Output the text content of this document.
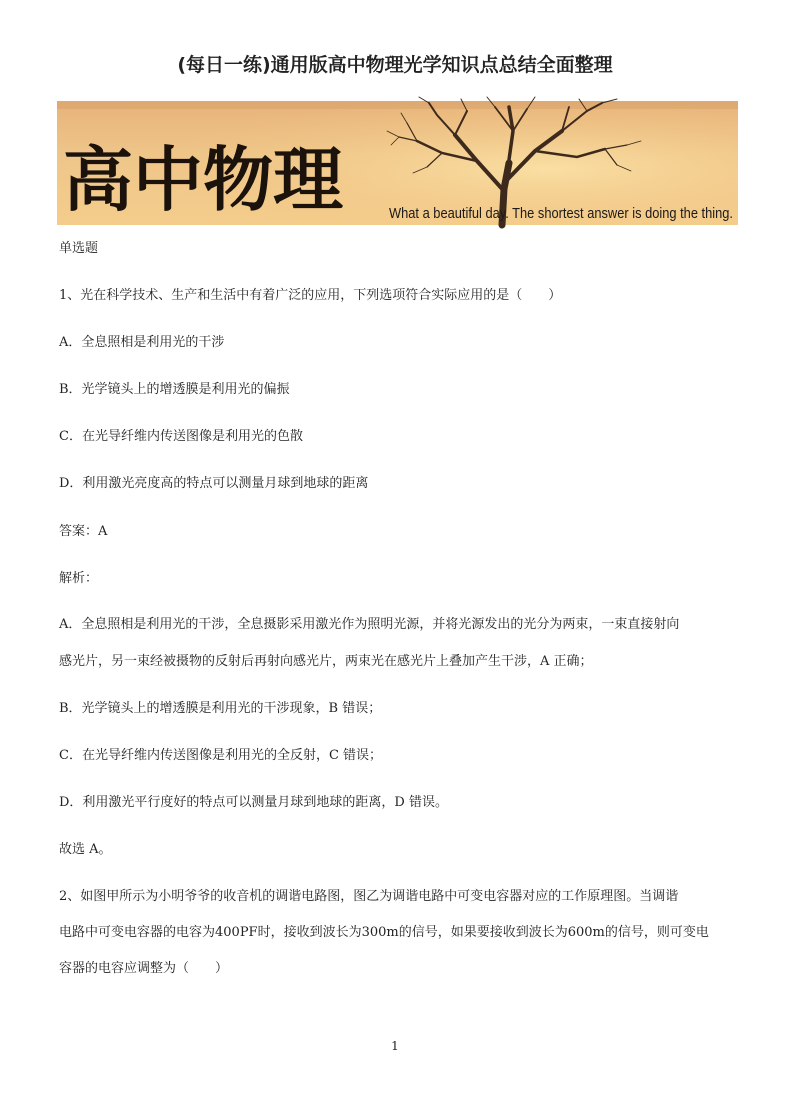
(每日一练)通用版高中物理光学知识点总结全面整理
高中物理	What a beautiful day. The shortest answer is doing the thing.
单选题
1、光在科学技术、生产和生活中有着广泛的应用，下列选项符合实际应用的是（　　）
A．全息照相是利用光的干涉
B．光学镜头上的增透膜是利用光的偏振
C．在光导纤维内传送图像是利用光的色散
D．利用激光亮度高的特点可以测量月球到地球的距离
答案：A
解析：
A．全息照相是利用光的干涉，全息摄影采用激光作为照明光源，并将光源发出的光分为两束，一束直接射向
感光片，另一束经被摄物的反射后再射向感光片，两束光在感光片上叠加产生干涉，A 正确；
B．光学镜头上的增透膜是利用光的干涉现象，B 错误；
C．在光导纤维内传送图像是利用光的全反射，C 错误；
D．利用激光平行度好的特点可以测量月球到地球的距离，D 错误。
故选 A。
2、如图甲所示为小明爷爷的收音机的调谐电路图，图乙为调谐电路中可变电容器对应的工作原理图。当调谐
电路中可变电容器的电容为400PF时，接收到波长为300m的信号，如果要接收到波长为600m的信号，则可变电
容器的电容应调整为（　　）
1
